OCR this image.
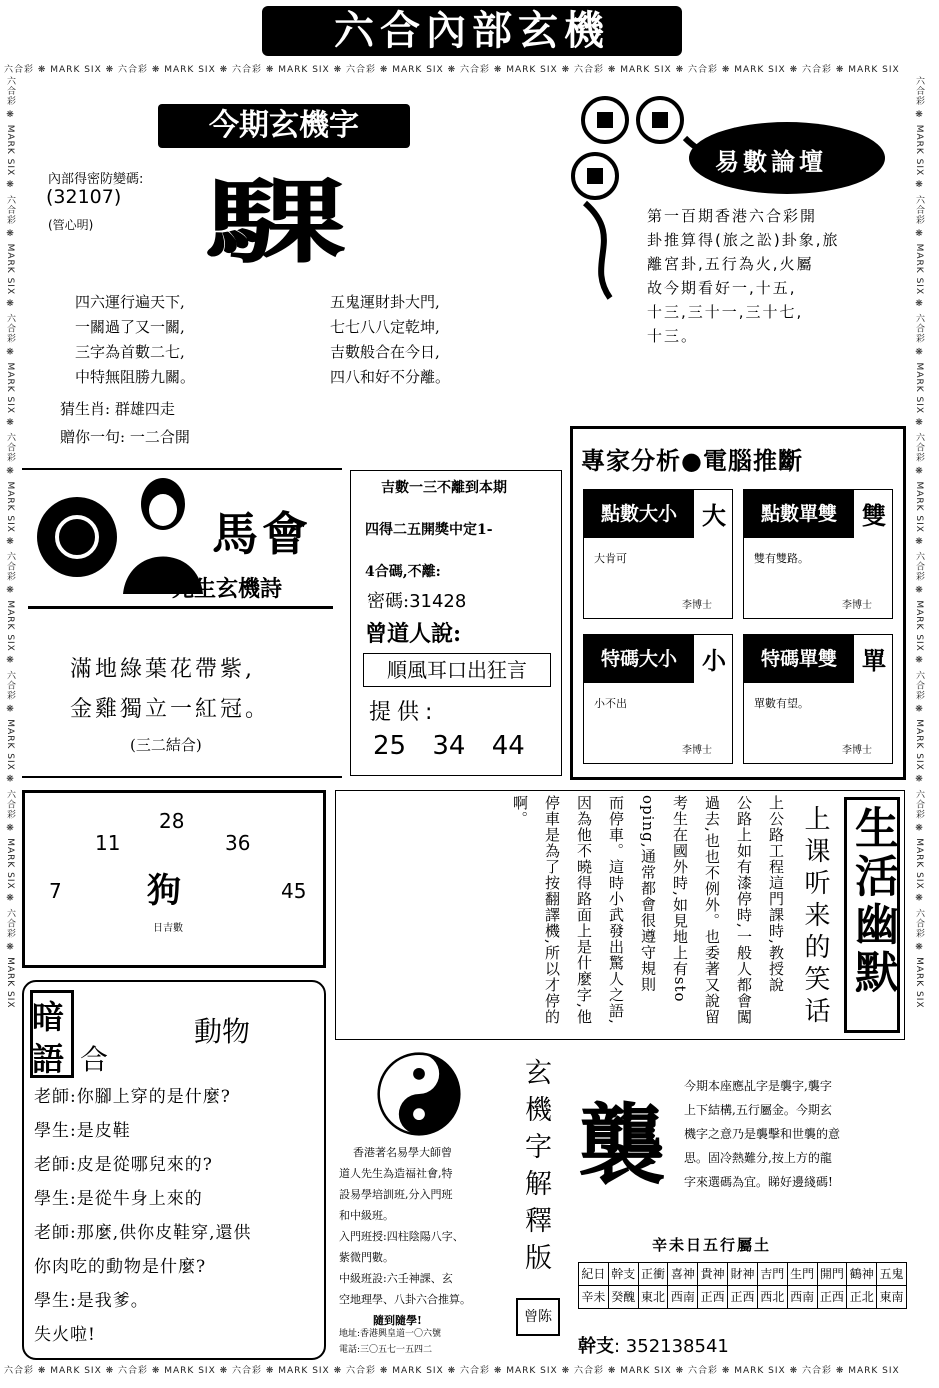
六合內部玄機
六合彩 ❋ MARK SIX ❋ 六合彩 ❋ MARK SIX ❋ 六合彩 ❋ MARK SIX ❋ 六合彩 ❋ MARK SIX ❋ 六合彩 ❋ MARK SIX ❋ 六合彩 ❋ MARK SIX ❋ 六合彩 ❋ MARK SIX ❋ 六合彩 ❋ MARK SIX
六合彩 ❋ MARK SIX ❋ 六合彩 ❋ MARK SIX ❋ 六合彩 ❋ MARK SIX ❋ 六合彩 ❋ MARK SIX ❋ 六合彩 ❋ MARK SIX ❋ 六合彩 ❋ MARK SIX ❋ 六合彩 ❋ MARK SIX ❋ 六合彩 ❋ MARK SIX
六合彩 ❋ MARK SIX ❋ 六合彩 ❋ MARK SIX ❋ 六合彩 ❋ MARK SIX ❋ 六合彩 ❋ MARK SIX ❋ 六合彩 ❋ MARK SIX ❋ 六合彩 ❋ MARK SIX ❋ 六合彩 ❋ MARK SIX ❋ 六合彩 ❋ MARK SIX
六合彩 ❋ MARK SIX ❋ 六合彩 ❋ MARK SIX ❋ 六合彩 ❋ MARK SIX ❋ 六合彩 ❋ MARK SIX ❋ 六合彩 ❋ MARK SIX ❋ 六合彩 ❋ MARK SIX ❋ 六合彩 ❋ MARK SIX ❋ 六合彩 ❋ MARK SIX	今期玄機字
內部得密防變碼:
(32107)
(管心明) 騍
四六運行遍天下,
一關過了又一關,
三字為首數二七,
中特無阻勝九關。
五鬼運財卦大門,
七七八八定乾坤,
吉數般合在今日,
四八和好不分離。
猜生肖: 群雄四走
贈你一句: 一二合開
易數論壇
第一百期香港六合彩開
卦推算得(旅之訟)卦象,旅
離宮卦,五行為火,火屬
故今期看好一,十五,
十三,三十一,三十七,
十三。
馬會
先生玄機詩
滿地綠葉花帶紫,
金雞獨立一紅冠。
(三二結合)
吉數一三不離到本期
四得二五開獎中定1-
4合碼,不離:
密碼:31428
曾道人說:
順風耳口出狂言
提供:
25 34 44
專家分析●電腦推斷
點數大小	大
大肯可
李博士
點數單雙	雙
雙有雙路。
李博士
特碼大小	小
小不出
李博士
特碼單雙	單
單數有望。
李博士
28
11	36
7	45
狗
日吉數	生活幽默
上课听来的笑话
上公路工程這門課時,教授說
公路上如有漆停時,一般人都會闖
過去,也也不例外。也委著又說留
考生在國外時,如見地上有sto
oping,通常都會很遵守規則
而停車。這時小武發出驚人之語,
因為他不曉得路面上是什麼字,他
停車是為了按翻譯機,所以才停的
啊。
暗
語 合
動物
老師:你腳上穿的是什麼?
學生:是皮鞋
老師:皮是從哪兒來的?
學生:是從牛身上來的
老師:那麼,供你皮鞋穿,還供
你肉吃的動物是什麼?
學生:是我爹。
失火啦!
香港著名易學大師曾
道人先生為造福社會,特
設易學培訓班,分入門班
和中級班。
入門班授:四柱陰陽八字、
紫微門數。
中級班設:六壬神課、玄
空地理學、八卦六合推算。
隨到隨學!
地址:香港興皇道一〇六號
電話:三〇五七一五四二
玄機字解釋版
曾陈
襲
今期本座應乩字是襲字,襲字
上下結構,五行屬金。今期玄
機字之意乃是襲擊和世襲的意
思。固冷熱難分,按上方的龍
字來選碼為宜。睇好邊綫碼!
辛未日五行屬土
紀日	幹支	正衝	喜神	貴神	財神	吉門	生門	開門	鶴神	五鬼
辛未	癸醜	東北	西南	正西	正西	西北	西南	正西	正北	東南
幹支: 352138541
